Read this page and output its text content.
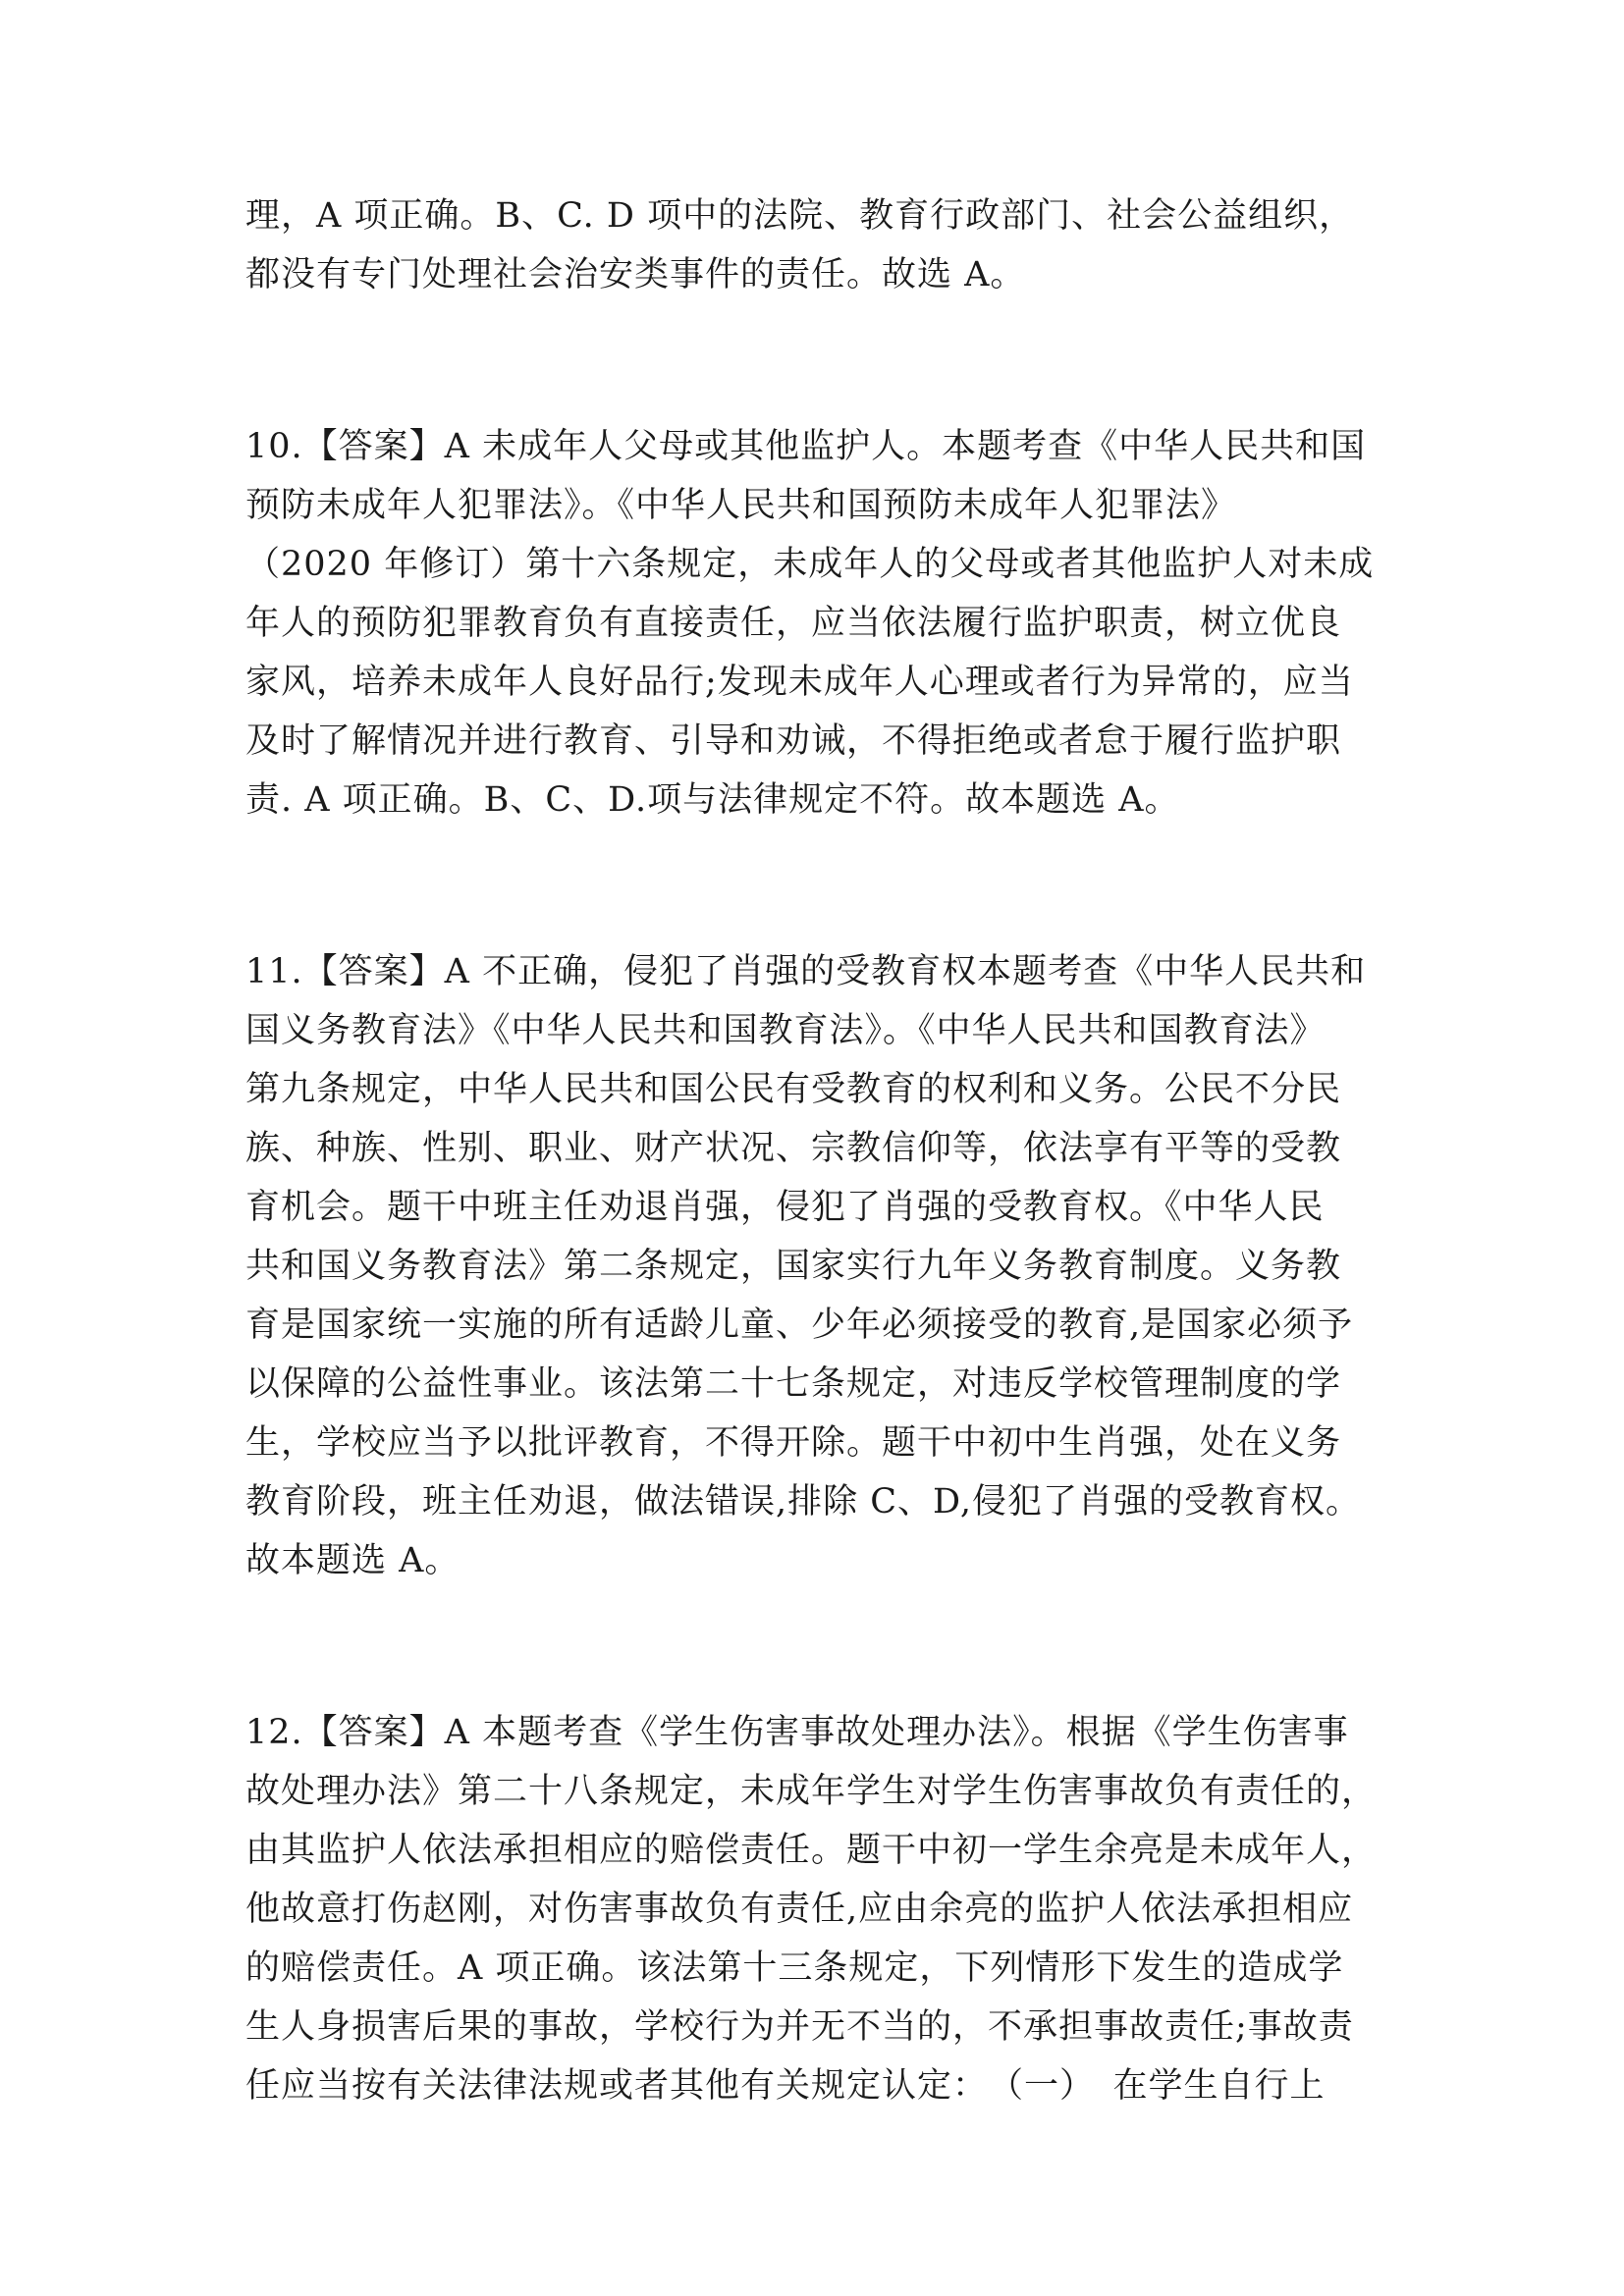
理，A 项正确。B、C. D 项中的法院、教育行政部门、社会公益组织，
都没有专门处理社会治安类事件的责任。故选 A。
10.【答案】A 未成年人父母或其他监护人。本题考查《中华人民共和国
预防未成年人犯罪法》。《中华人民共和国预防未成年人犯罪法》
（2020 年修订）第十六条规定，未成年人的父母或者其他监护人对未成
年人的预防犯罪教育负有直接责任，应当依法履行监护职责，树立优良
家风，培养未成年人良好品行;发现未成年人心理或者行为异常的，应当
及时了解情况并进行教育、引导和劝诫，不得拒绝或者怠于履行监护职
责. A 项正确。B、C、D.项与法律规定不符。故本题选 A。
11.【答案】A 不正确，侵犯了肖强的受教育权本题考查《中华人民共和
国义务教育法》《中华人民共和国教育法》。《中华人民共和国教育法》
第九条规定，中华人民共和国公民有受教育的权利和义务。公民不分民
族、种族、性别、职业、财产状况、宗教信仰等，依法享有平等的受教
育机会。题干中班主任劝退肖强，侵犯了肖强的受教育权。《中华人民
共和国义务教育法》第二条规定，国家实行九年义务教育制度。义务教
育是国家统一实施的所有适龄儿童、少年必须接受的教育,是国家必须予
以保障的公益性事业。该法第二十七条规定，对违反学校管理制度的学
生，学校应当予以批评教育，不得开除。题干中初中生肖强，处在义务
教育阶段，班主任劝退，做法错误,排除 C、D,侵犯了肖强的受教育权。
故本题选 A。
12.【答案】A 本题考查《学生伤害事故处理办法》。根据《学生伤害事
故处理办法》第二十八条规定，未成年学生对学生伤害事故负有责任的，
由其监护人依法承担相应的赔偿责任。题干中初一学生余亮是未成年人，
他故意打伤赵刚，对伤害事故负有责任,应由余亮的监护人依法承担相应
的赔偿责任。A 项正确。该法第十三条规定，下列情形下发生的造成学
生人身损害后果的事故，学校行为并无不当的，不承担事故责任;事故责
任应当按有关法律法规或者其他有关规定认定：　（一）　在学生自行上
